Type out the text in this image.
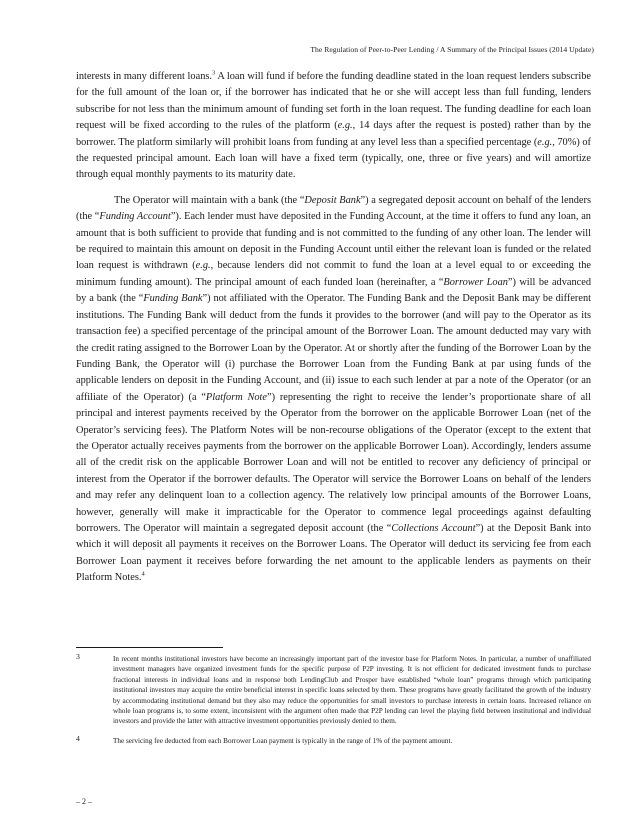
The Regulation of Peer-to-Peer Lending / A Summary of the Principal Issues (2014 Update)

interests in many different loans.$^3$ A loan will fund if before the funding deadline stated in the loan request lenders subscribe for the full amount of the loan or, if the borrower has indicated that he or she will accept less than full funding, lenders subscribe for not less than the minimum amount of funding set forth in the loan request. The funding deadline for each loan request will be fixed according to the rules of the platform (e.g., 14 days after the request is posted) rather than by the borrower. The platform similarly will prohibit loans from funding at any level less than a specified percentage (e.g., 70%) of the requested principal amount. Each loan will have a fixed term (typically, one, three or five years) and will amortize through equal monthly payments to its maturity date.

The Operator will maintain with a bank (the “Deposit Bank”) a segregated deposit account on behalf of the lenders (the “Funding Account”). Each lender must have deposited in the Funding Account, at the time it offers to fund any loan, an amount that is both sufficient to provide that funding and is not committed to the funding of any other loan. The lender will be required to maintain this amount on deposit in the Funding Account until either the relevant loan is funded or the related loan request is withdrawn (e.g., because lenders did not commit to fund the loan at a level equal to or exceeding the minimum funding amount). The principal amount of each funded loan (hereinafter, a “Borrower Loan”) will be advanced by a bank (the “Funding Bank”) not affiliated with the Operator. The Funding Bank and the Deposit Bank may be different institutions. The Funding Bank will deduct from the funds it provides to the borrower (and will pay to the Operator as its transaction fee) a specified percentage of the principal amount of the Borrower Loan. The amount deducted may vary with the credit rating assigned to the Borrower Loan by the Operator. At or shortly after the funding of the Borrower Loan by the Funding Bank, the Operator will (i) purchase the Borrower Loan from the Funding Bank at par using funds of the applicable lenders on deposit in the Funding Account, and (ii) issue to each such lender at par a note of the Operator (or an affiliate of the Operator) (a “Platform Note”) representing the right to receive the lender’s proportionate share of all principal and interest payments received by the Operator from the borrower on the applicable Borrower Loan (net of the Operator’s servicing fees). The Platform Notes will be non-recourse obligations of the Operator (except to the extent that the Operator actually receives payments from the borrower on the applicable Borrower Loan). Accordingly, lenders assume all of the credit risk on the applicable Borrower Loan and will not be entitled to recover any deficiency of principal or interest from the Operator if the borrower defaults. The Operator will service the Borrower Loans on behalf of the lenders and may refer any delinquent loan to a collection agency. The relatively low principal amounts of the Borrower Loans, however, generally will make it impracticable for the Operator to commence legal proceedings against defaulting borrowers. The Operator will maintain a segregated deposit account (the “Collections Account”) at the Deposit Bank into which it will deposit all payments it receives on the Borrower Loans. The Operator will deduct its servicing fee from each Borrower Loan payment it receives before forwarding the net amount to the applicable lenders as payments on their Platform Notes.$^4$

3	In recent months institutional investors have become an increasingly important part of the investor base for Platform Notes. In particular, a number of unaffiliated investment managers have organized investment funds for the specific purpose of P2P investing. It is not efficient for dedicated investment funds to purchase fractional interests in individual loans and in response both LendingClub and Prosper have established “whole loan” programs through which participating institutional investors may acquire the entire beneficial interest in specific loans selected by them. These programs have greatly facilitated the growth of the industry by accommodating institutional demand but they also may reduce the opportunities for small investors to purchase interests in certain loans. Increased reliance on whole loan programs is, to some extent, inconsistent with the argument often made that P2P lending can level the playing field between institutional and individual investors and provide the latter with attractive investment opportunities previously denied to them.
4	The servicing fee deducted from each Borrower Loan payment is typically in the range of 1% of the payment amount.
– 2 –
